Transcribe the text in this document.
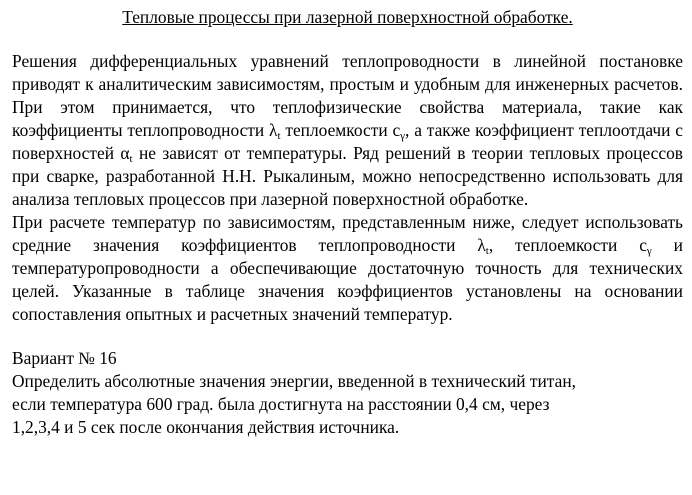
Тепловые процессы при лазерной поверхностной обработке.

Решения дифференциальных уравнений теплопроводности в линейной постановке приводят к аналитическим зависимостям, простым и удобным для инженерных расчетов. При этом принимается, что теплофизические свойства материала, такие как коэффициенты теплопроводности $\lambda_t$ теплоемкости $c_\gamma$, а также коэффициент теплоотдачи с поверхностей $\alpha_t$ не зависят от температуры. Ряд решений в теории тепловых процессов при сварке, разработанной Н.Н. Рыкалиным, можно непосредственно использовать для анализа тепловых процессов при лазерной поверхностной обработке.

При расчете температур по зависимостям, представленным ниже, следует использовать средние значения коэффициентов теплопроводности $\lambda_t$, теплоемкости $c_\gamma$ и температуропроводности a обеспечивающие достаточную точность для технических целей. Указанные в таблице значения коэффициентов установлены на основании сопоставления опытных и расчетных значений температур.

Вариант № 16
Определить абсолютные значения энергии, введенной в технический титан,
если температура 600 град. была достигнута на расстоянии 0,4 см, через
1,2,3,4 и 5 сек после окончания действия источника.
